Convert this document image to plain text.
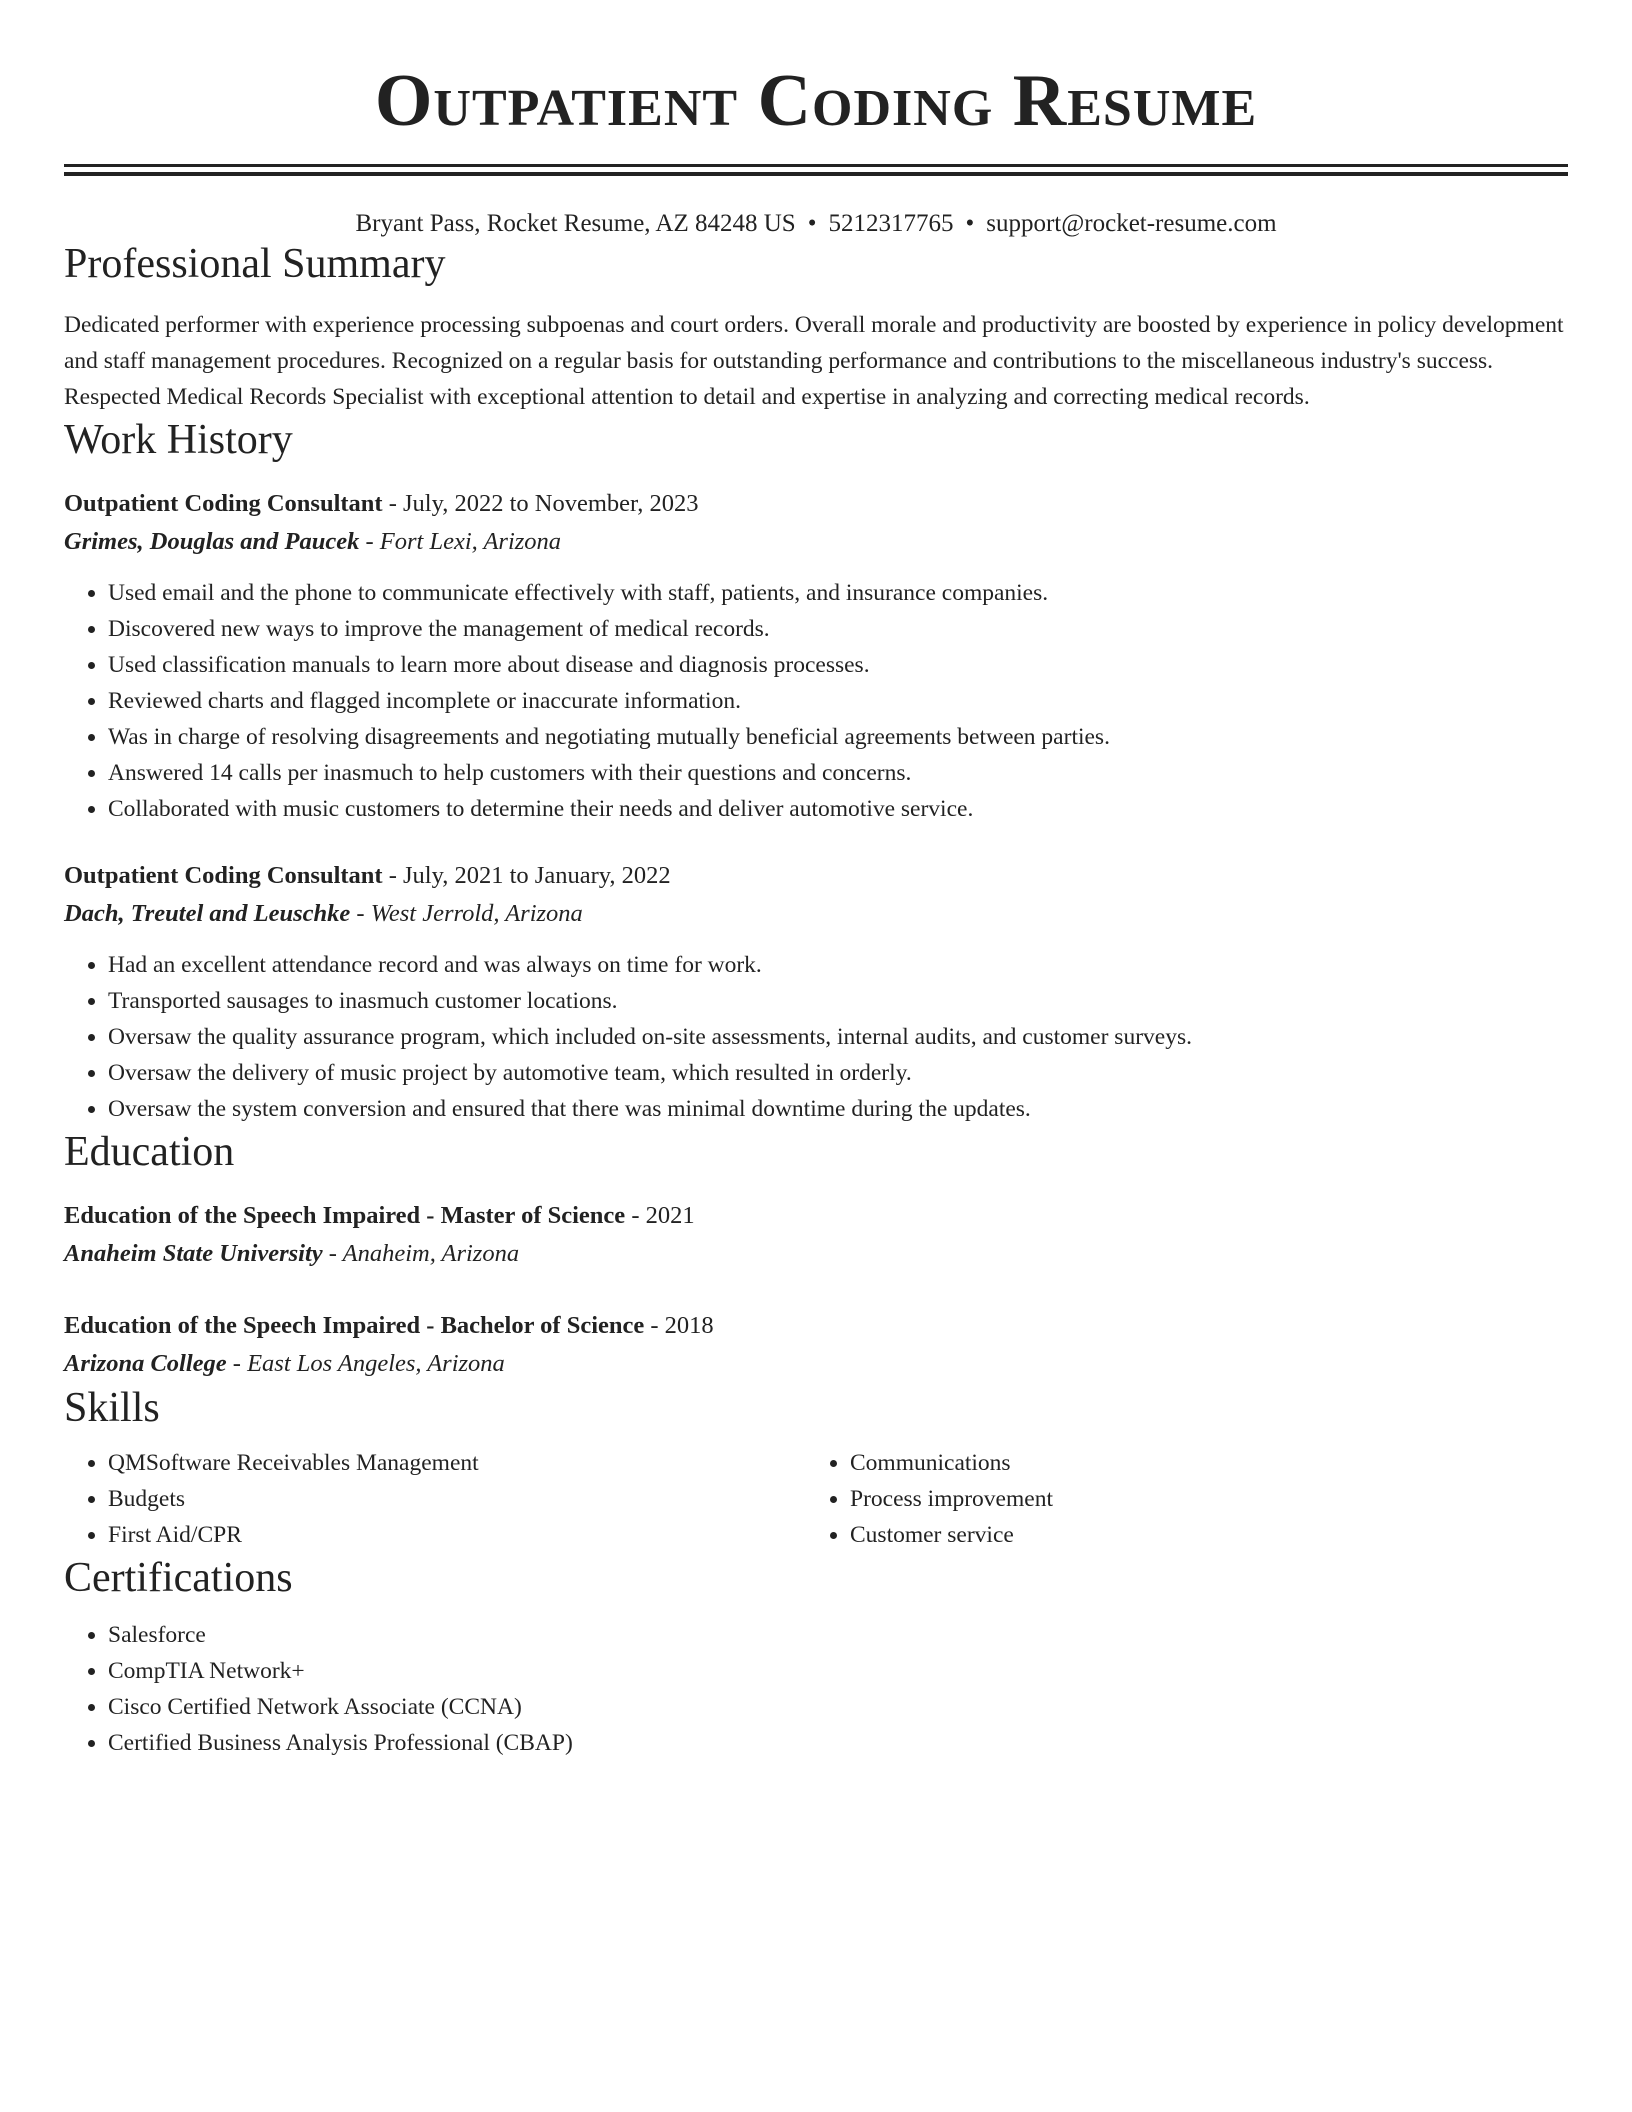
Outpatient Coding Resume
Bryant Pass, Rocket Resume, AZ 84248 US • 5212317765 • support@rocket-resume.com
Professional Summary

Dedicated performer with experience processing subpoenas and court orders. Overall morale and productivity are boosted by experience in policy development and staff management procedures. Recognized on a regular basis for outstanding performance and contributions to the miscellaneous industry's success. Respected Medical Records Specialist with exceptional attention to detail and expertise in analyzing and correcting medical records.

Work History
Outpatient Coding Consultant - July, 2022 to November, 2023
Grimes, Douglas and Paucek - Fort Lexi, Arizona
• Used email and the phone to communicate effectively with staff, patients, and insurance companies.
• Discovered new ways to improve the management of medical records.
• Used classification manuals to learn more about disease and diagnosis processes.
• Reviewed charts and flagged incomplete or inaccurate information.
• Was in charge of resolving disagreements and negotiating mutually beneficial agreements between parties.
• Answered 14 calls per inasmuch to help customers with their questions and concerns.
• Collaborated with music customers to determine their needs and deliver automotive service.
Outpatient Coding Consultant - July, 2021 to January, 2022
Dach, Treutel and Leuschke - West Jerrold, Arizona
• Had an excellent attendance record and was always on time for work.
• Transported sausages to inasmuch customer locations.
• Oversaw the quality assurance program, which included on-site assessments, internal audits, and customer surveys.
• Oversaw the delivery of music project by automotive team, which resulted in orderly.
• Oversaw the system conversion and ensured that there was minimal downtime during the updates.
Education
Education of the Speech Impaired - Master of Science - 2021
Anaheim State University - Anaheim, Arizona
Education of the Speech Impaired - Bachelor of Science - 2018
Arizona College - East Los Angeles, Arizona
Skills
• QMSoftware Receivables Management
• Budgets
• First Aid/CPR
• Communications
• Process improvement
• Customer service
Certifications
• Salesforce
• CompTIA Network+
• Cisco Certified Network Associate (CCNA)
• Certified Business Analysis Professional (CBAP)
